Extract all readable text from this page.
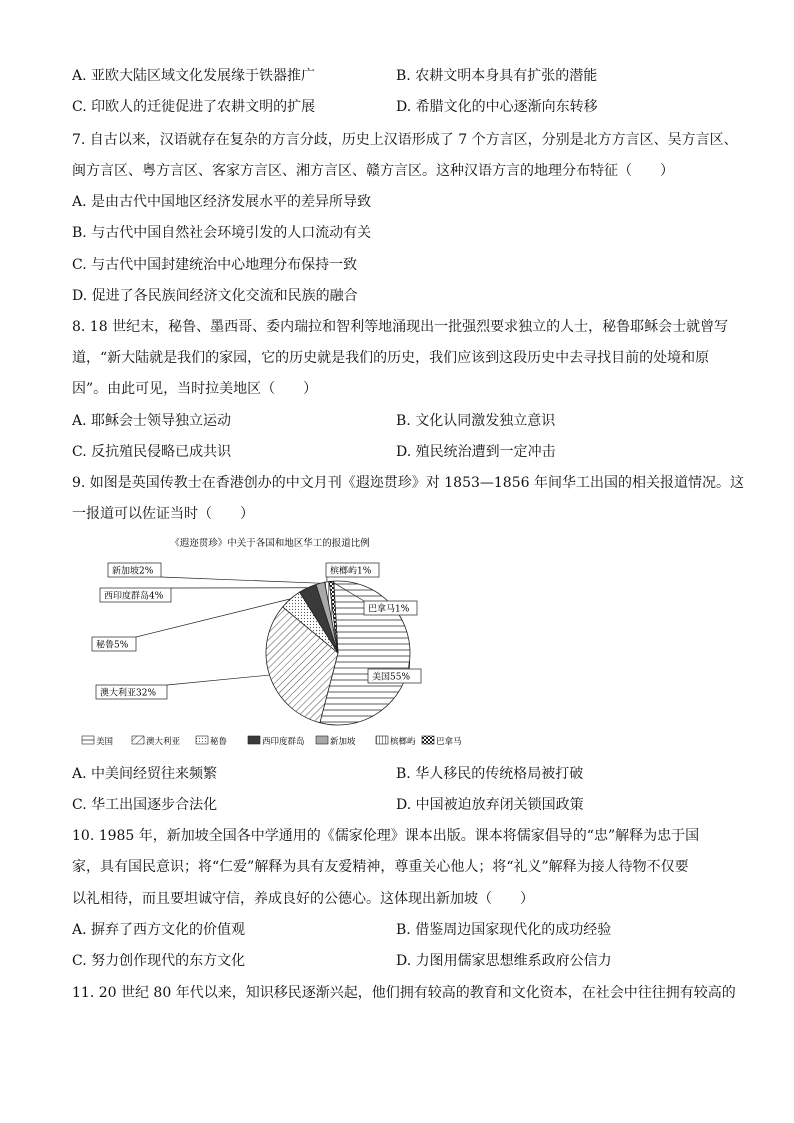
A. 亚欧大陆区域文化发展缘于铁器推广	B. 农耕文明本身具有扩张的潜能
C. 印欧人的迁徙促进了农耕文明的扩展	D. 希腊文化的中心逐渐向东转移
7. 自古以来，汉语就存在复杂的方言分歧，历史上汉语形成了 7 个方言区，分别是北方方言区、吴方言区、
闽方言区、粤方言区、客家方言区、湘方言区、赣方言区。这种汉语方言的地理分布特征（　　）
A. 是由古代中国地区经济发展水平的差异所导致
B. 与古代中国自然社会环境引发的人口流动有关
C. 与古代中国封建统治中心地理分布保持一致
D. 促进了各民族间经济文化交流和民族的融合
8. 18 世纪末，秘鲁、墨西哥、委内瑞拉和智利等地涌现出一批强烈要求独立的人士，秘鲁耶稣会士就曾写
道，“新大陆就是我们的家园，它的历史就是我们的历史，我们应该到这段历史中去寻找目前的处境和原
因”。由此可见，当时拉美地区（　　）
A. 耶稣会士领导独立运动	B. 文化认同激发独立意识
C. 反抗殖民侵略已成共识	D. 殖民统治遭到一定冲击
9. 如图是英国传教士在香港创办的中文月刊《遐迩贯珍》对 1853—1856 年间华工出国的相关报道情况。这
一报道可以佐证当时（　　）
《遐迩贯珍》中关于各国和地区华工的报道比例
美国55%
澳大利亚32%
秘鲁5%
西印度群岛4%
新加坡2%	槟榔屿1%
巴拿马1%
美国	澳大利亚	秘鲁	西印度群岛	新加坡	槟榔屿 巴拿马
A. 中美间经贸往来频繁	B. 华人移民的传统格局被打破
C. 华工出国逐步合法化	D. 中国被迫放弃闭关锁国政策
10. 1985 年，新加坡全国各中学通用的《儒家伦理》课本出版。课本将儒家倡导的“忠”解释为忠于国
家，具有国民意识；将“仁爱”解释为具有友爱精神，尊重关心他人；将“礼义”解释为接人待物不仅要
以礼相待，而且要坦诚守信，养成良好的公德心。这体现出新加坡（　　）
A. 摒弃了西方文化的价值观	B. 借鉴周边国家现代化的成功经验
C. 努力创作现代的东方文化	D. 力图用儒家思想维系政府公信力
11. 20 世纪 80 年代以来，知识移民逐渐兴起，他们拥有较高的教育和文化资本，在社会中往往拥有较高的
